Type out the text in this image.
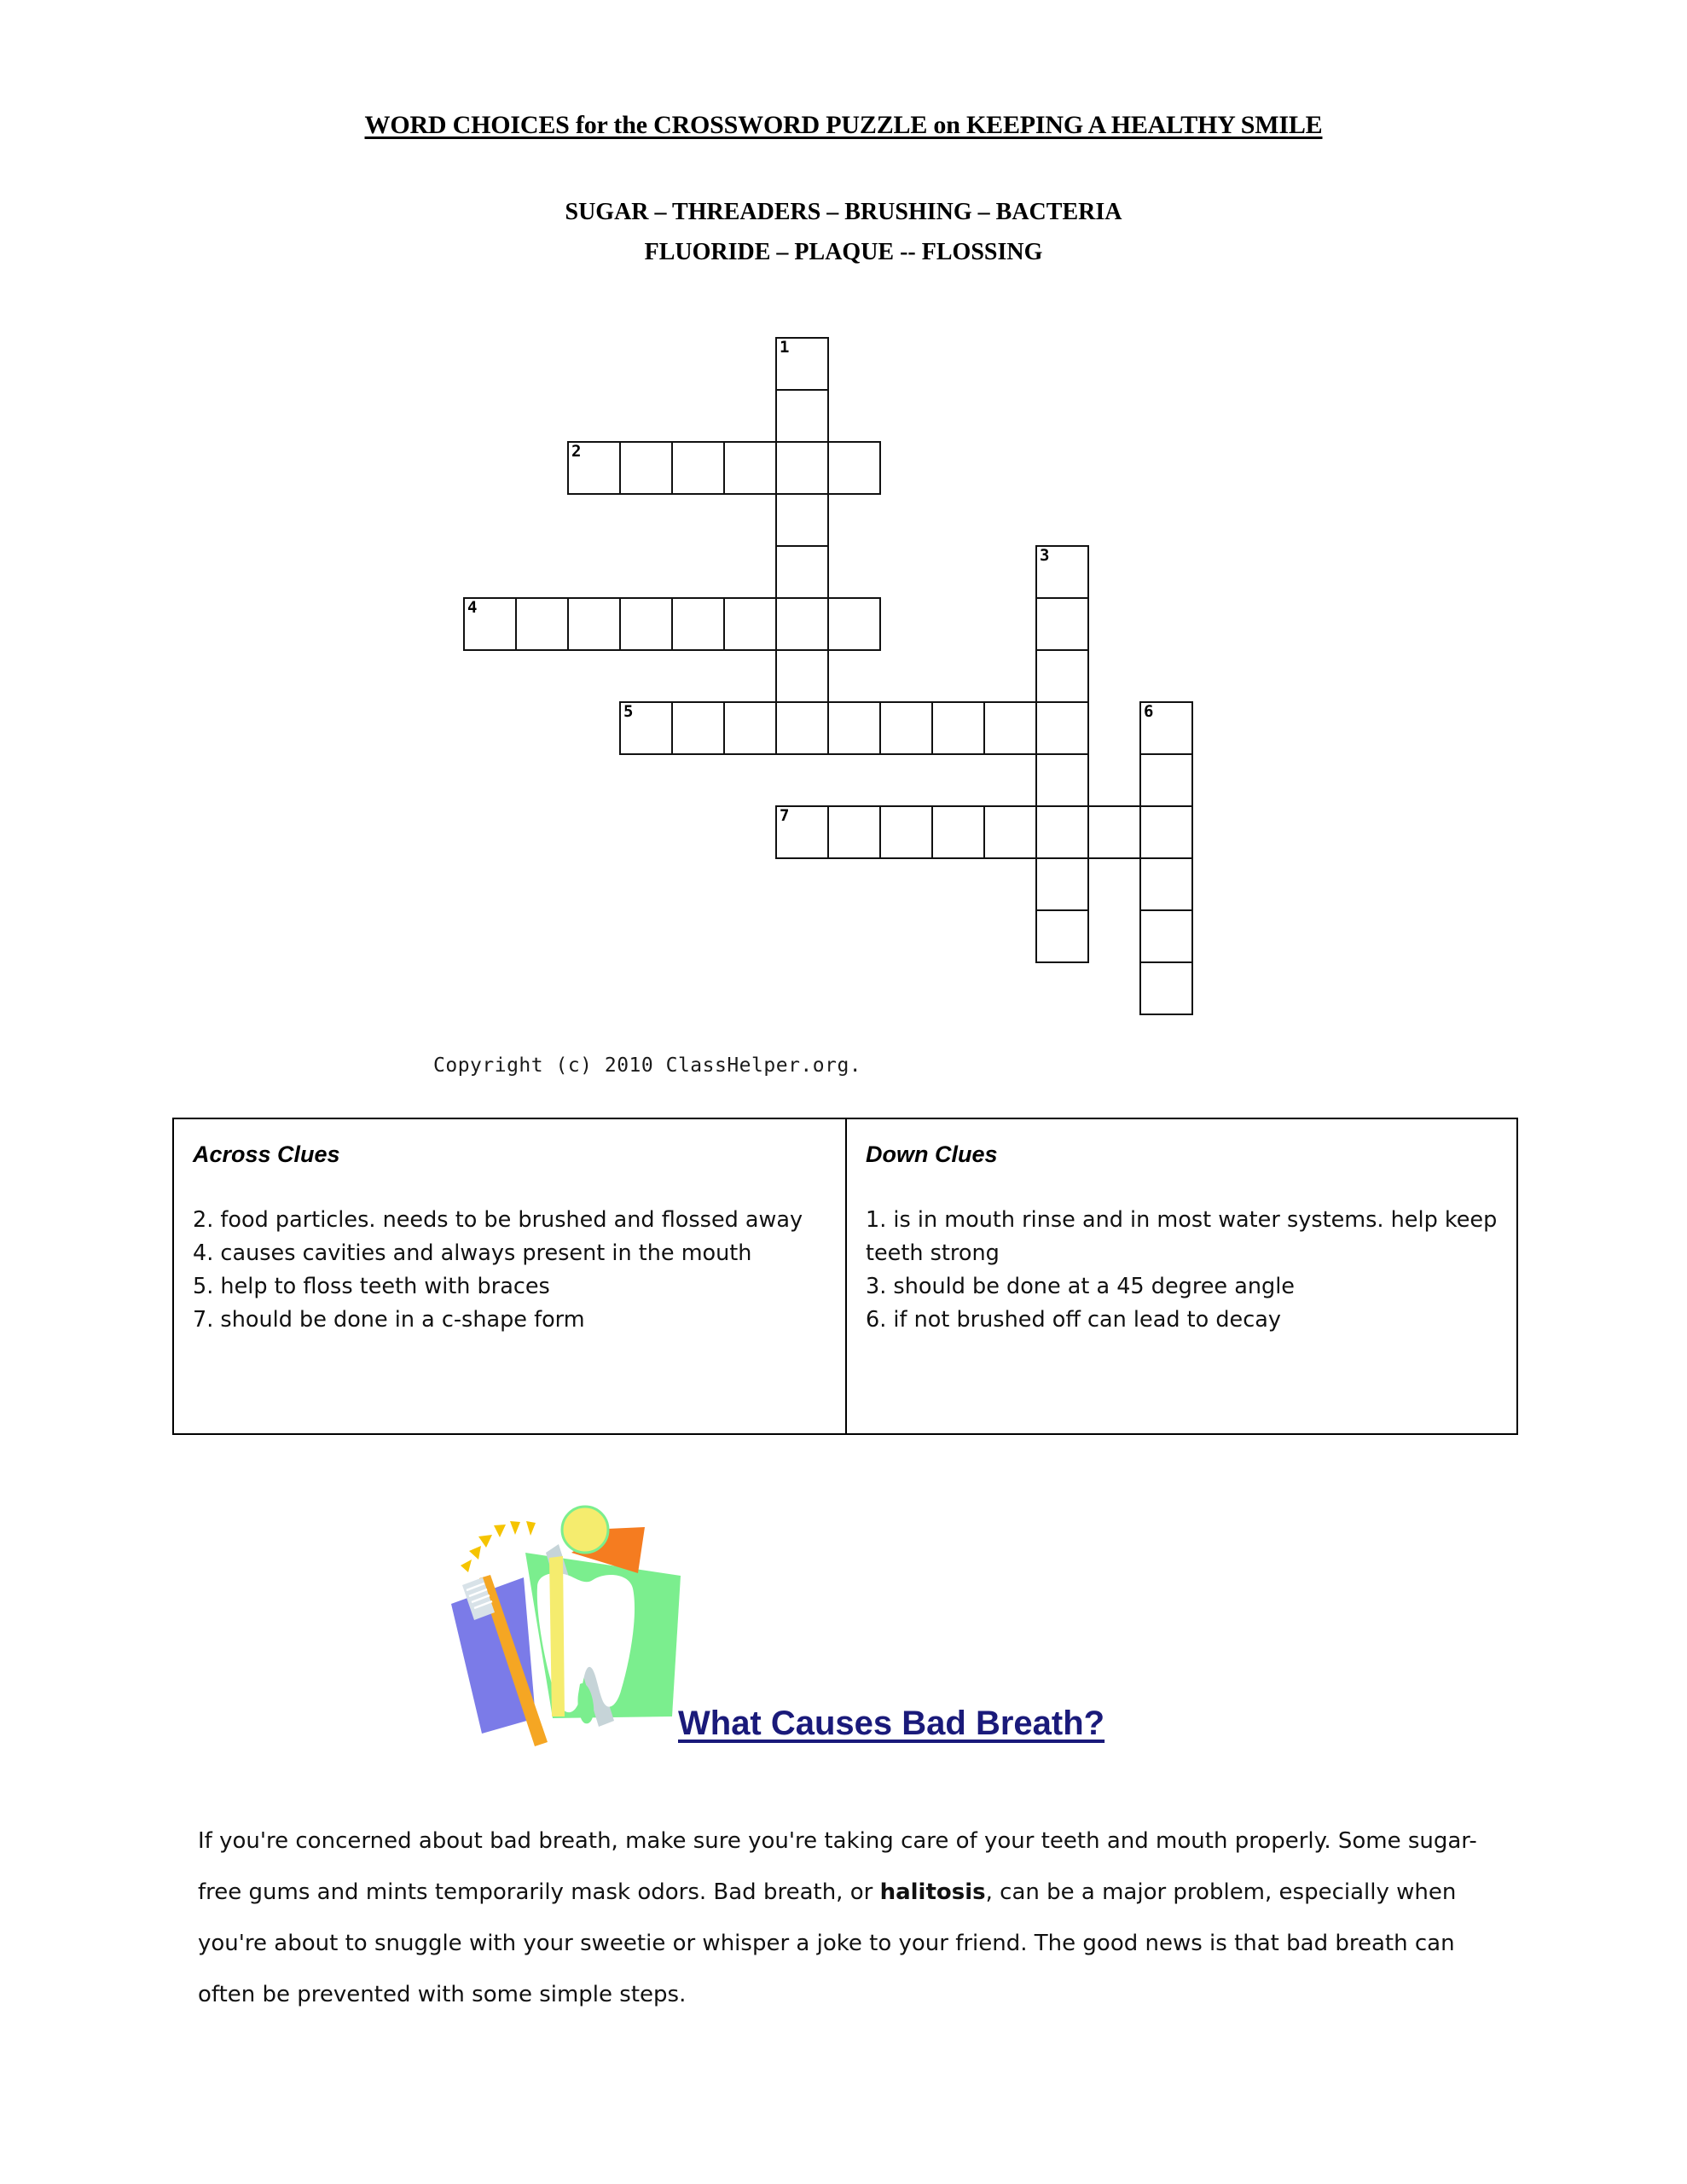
WORD CHOICES for the CROSSWORD PUZZLE on KEEPING A HEALTHY SMILE
SUGAR – THREADERS – BRUSHING – BACTERIA
FLUORIDE – PLAQUE -- FLOSSING
1
2
3
4
5	6
7
Copyright (c) 2010 ClassHelper.org.
Across Clues
2. food particles. needs to be brushed and flossed away
4. causes cavities and always present in the mouth
5. help to floss teeth with braces
7. should be done in a c-shape form
Down Clues
1. is in mouth rinse and in most water systems. help keep teeth strong
3. should be done at a 45 degree angle
6. if not brushed off can lead to decay
What Causes Bad Breath?
If you're concerned about bad breath, make sure you're taking care of your teeth and mouth properly. Some sugar-free gums and mints temporarily mask odors. Bad breath, or halitosis, can be a major problem, especially when you're about to snuggle with your sweetie or whisper a joke to your friend. The good news is that bad breath can often be prevented with some simple steps.
